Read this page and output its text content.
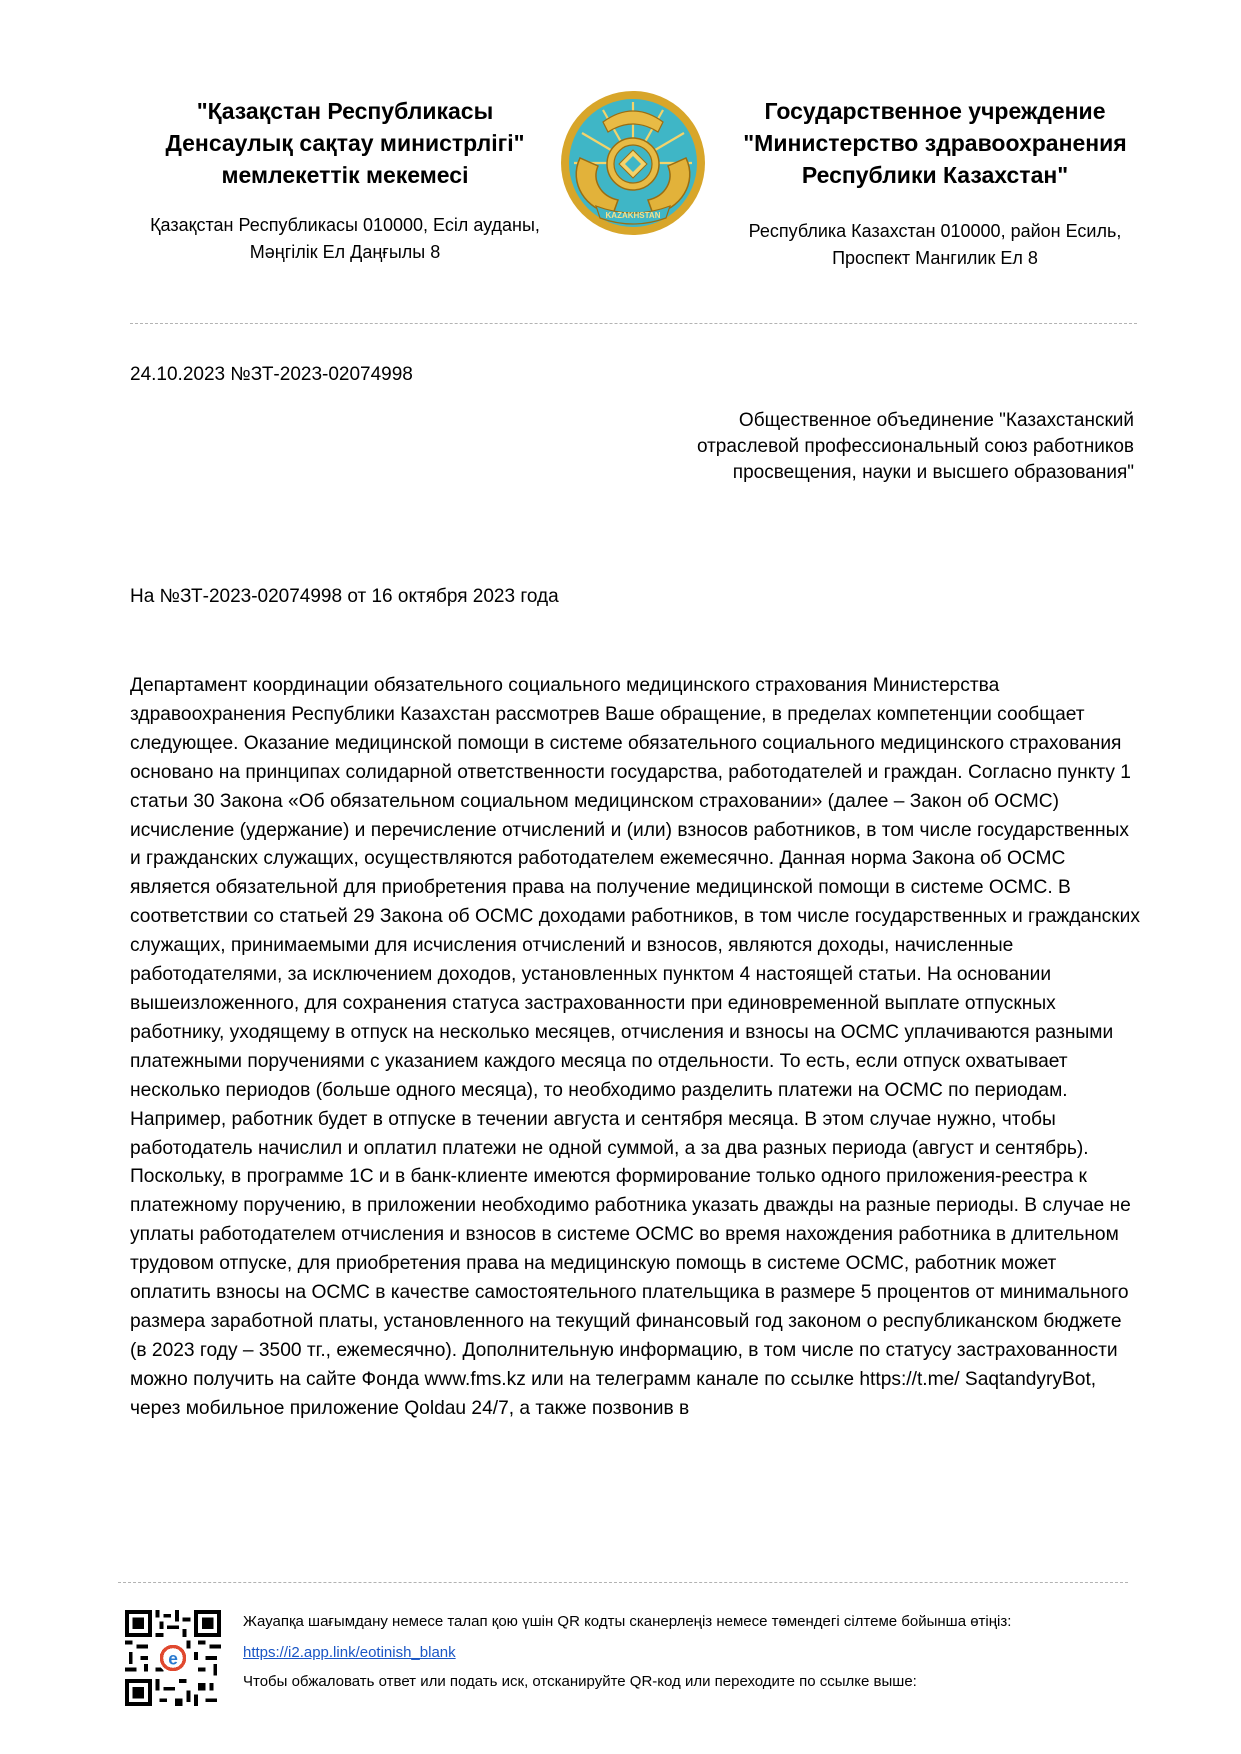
"Қазақстан Республикасы Денсаулық сақтау министрлігі" мемлекеттік мекемесі
Қазақстан Республикасы 010000, Есіл ауданы, Мәңгілік Ел Даңғылы 8
KAZAKHSTAN
Государственное учреждение "Министерство здравоохранения Республики Казахстан"
Республика Казахстан 010000, район Есиль, Проспект Мангилик Ел 8
24.10.2023 №ЗТ-2023-02074998
Общественное объединение "Казахстанский отраслевой профессиональный союз работников просвещения, науки и высшего образования"
На №ЗТ-2023-02074998 от 16 октября 2023 года
Департамент координации обязательного социального медицинского страхования Министерства здравоохранения Республики Казахстан рассмотрев Ваше обращение, в пределах компетенции сообщает следующее. Оказание медицинской помощи в системе обязательного социального медицинского страхования основано на принципах солидарной ответственности государства, работодателей и граждан. Согласно пункту 1 статьи 30 Закона «Об обязательном социальном медицинском страховании» (далее – Закон об ОСМС) исчисление (удержание) и перечисление отчислений и (или) взносов работников, в том числе государственных и гражданских служащих, осуществляются работодателем ежемесячно. Данная норма Закона об ОСМС является обязательной для приобретения права на получение медицинской помощи в системе ОСМС. В соответствии со статьей 29 Закона об ОСМС доходами работников, в том числе государственных и гражданских служащих, принимаемыми для исчисления отчислений и взносов, являются доходы, начисленные работодателями, за исключением доходов, установленных пунктом 4 настоящей статьи. На основании вышеизложенного, для сохранения статуса застрахованности при единовременной выплате отпускных работнику, уходящему в отпуск на несколько месяцев, отчисления и взносы на ОСМС уплачиваются разными платежными поручениями с указанием каждого месяца по отдельности. То есть, если отпуск охватывает несколько периодов (больше одного месяца), то необходимо разделить платежи на ОСМС по периодам. Например, работник будет в отпуске в течении августа и сентября месяца. В этом случае нужно, чтобы работодатель начислил и оплатил платежи не одной суммой, а за два разных периода (август и сентябрь). Поскольку, в программе 1С и в банк-клиенте имеются формирование только одного приложения-реестра к платежному поручению, в приложении необходимо работника указать дважды на разные периоды. В случае не уплаты работодателем отчисления и взносов в системе ОСМС во время нахождения работника в длительном трудовом отпуске, для приобретения права на медицинскую помощь в системе ОСМС, работник может оплатить взносы на ОСМС в качестве самостоятельного плательщика в размере 5 процентов от минимального размера заработной платы, установленного на текущий финансовый год законом о республиканском бюджете (в 2023 году – 3500 тг., ежемесячно). Дополнительную информацию, в том числе по статусу застрахованности можно получить на сайте Фонда www.fms.kz или на телеграмм канале по ссылке https://t.me/ SaqtandyryBot, через мобильное приложение Qoldau 24/7, а также позвонив в
e
Жауапқа шағымдану немесе талап қою үшін QR кодты сканерлеңіз немесе төмендегі сілтеме бойынша өтіңіз:
https://i2.app.link/eotinish_blank
Чтобы обжаловать ответ или подать иск, отсканируйте QR-код или переходите по ссылке выше:
